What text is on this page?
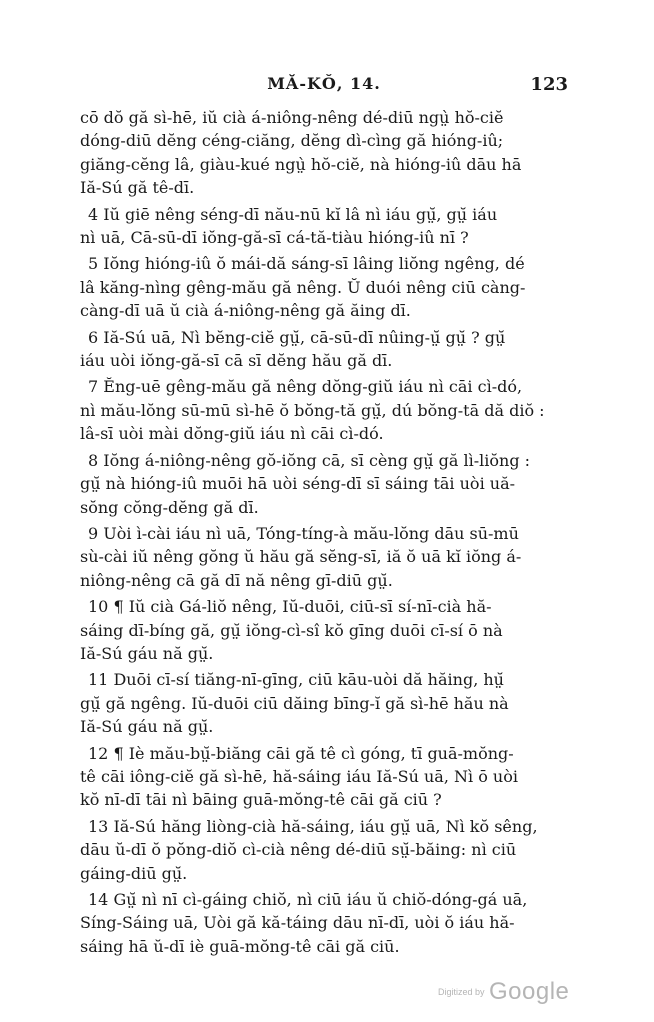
MĂ-KŎ, 14.	123
cō dŏ gă sì-hē, iŭ cià á-niông-nêng dé-diū ngṳ̀ hŏ-ciĕ
dóng-diū dĕng céng-ciăng, dĕng dì-cìng gă hióng-iû;
giăng-cĕng lâ, giàu-kué ngṳ̀ hŏ-ciĕ, nà hióng-iû dāu hā
Iă-Sú gă tê-dī.
4 Iŭ giē nêng séng-dī nău-nū kĭ lâ nì iáu gṳ̆, gṳ̆ iáu
nì uā, Cā-sū-dī iŏng-gă-sī cá-tă-tiàu hióng-iû nī ?
5 Iŏng hióng-iû ŏ mái-dă sáng-sī lâing liŏng ngêng, dé
lâ kăng-nìng gêng-mău gă nêng. Ŭ duói nêng ciū càng-
càng-dī uā ŭ cià á-niông-nêng gă ăing dī.
6 Iă-Sú uā, Nì bĕng-ciĕ gṳ̆, cā-sū-dī nûing-ṳ̆ gṳ̆ ? gṳ̆
iáu uòi iŏng-gă-sī cā sī dĕng hău gă dī.
7 Ĕng-uē gêng-mău gă nêng dŏng-giŭ iáu nì cāi cì-dó,
nì mău-lŏng sū-mū sì-hē ŏ bŏng-tă gṳ̆, dú bŏng-tā dă diŏ :
lâ-sī uòi mài dŏng-giŭ iáu nì cāi cì-dó.
8 Iŏng á-niông-nêng gŏ-iŏng cā, sī cèng gṳ̆ gă lì-liŏng :
gṳ̆ nà hióng-iû muōi hā uòi séng-dī sī sáing tāi uòi uă-
sŏng cŏng-dĕng gă dī.
9 Uòi ì-cài iáu nì uā, Tóng-tíng-à mău-lŏng dāu sū-mū
sù-cài iŭ nêng gŏng ŭ hău gă sĕng-sī, iă ŏ uā kĭ iŏng á-
niông-nêng cā gă dī nă nêng gī-diū gṳ̆.
10 ¶ Iŭ cià Gá-liŏ nêng, Iŭ-duōi, ciū-sī sí-nī-cià hă-
sáing dī-bíng gă, gṳ̆ iŏng-cì-sî kŏ gīng duōi cī-sí ō nà
Iă-Sú gáu nă gṳ̆.
11 Duōi cī-sí tiăng-nī-gīng, ciū kāu-uòi dă hăing, hṳ̆
gṳ̆ gă ngêng. Iŭ-duōi ciū dăing bīng-ĭ gă sì-hē hău nà
Iă-Sú gáu nă gṳ̆.
12 ¶ Iè mău-bṳ̆-biăng cāi gă tê cì góng, tī guā-mŏng-
tê cāi iông-ciĕ gă sì-hē, hă-sáing iáu Iă-Sú uā, Nì ō uòi
kŏ nī-dī tāi nì bāing guā-mŏng-tê cāi gă ciū ?
13 Iă-Sú hăng liòng-cià hă-sáing, iáu gṳ̆ uā, Nì kŏ sêng,
dāu ŭ-dī ŏ pŏng-diŏ cì-cià nêng dé-diū sṳ̆-băing: nì ciū
gáing-diū gṳ̆.
14 Gṳ̆ nì nī cì-gáing chiŏ, nì ciū iáu ŭ chiŏ-dóng-gá uā,
Síng-Sáing uā, Uòi gă kă-táing dāu nī-dī, uòi ŏ iáu hă-
sáing hā ŭ-dī iè guā-mŏng-tê cāi gă ciū.
Digitized by Google
